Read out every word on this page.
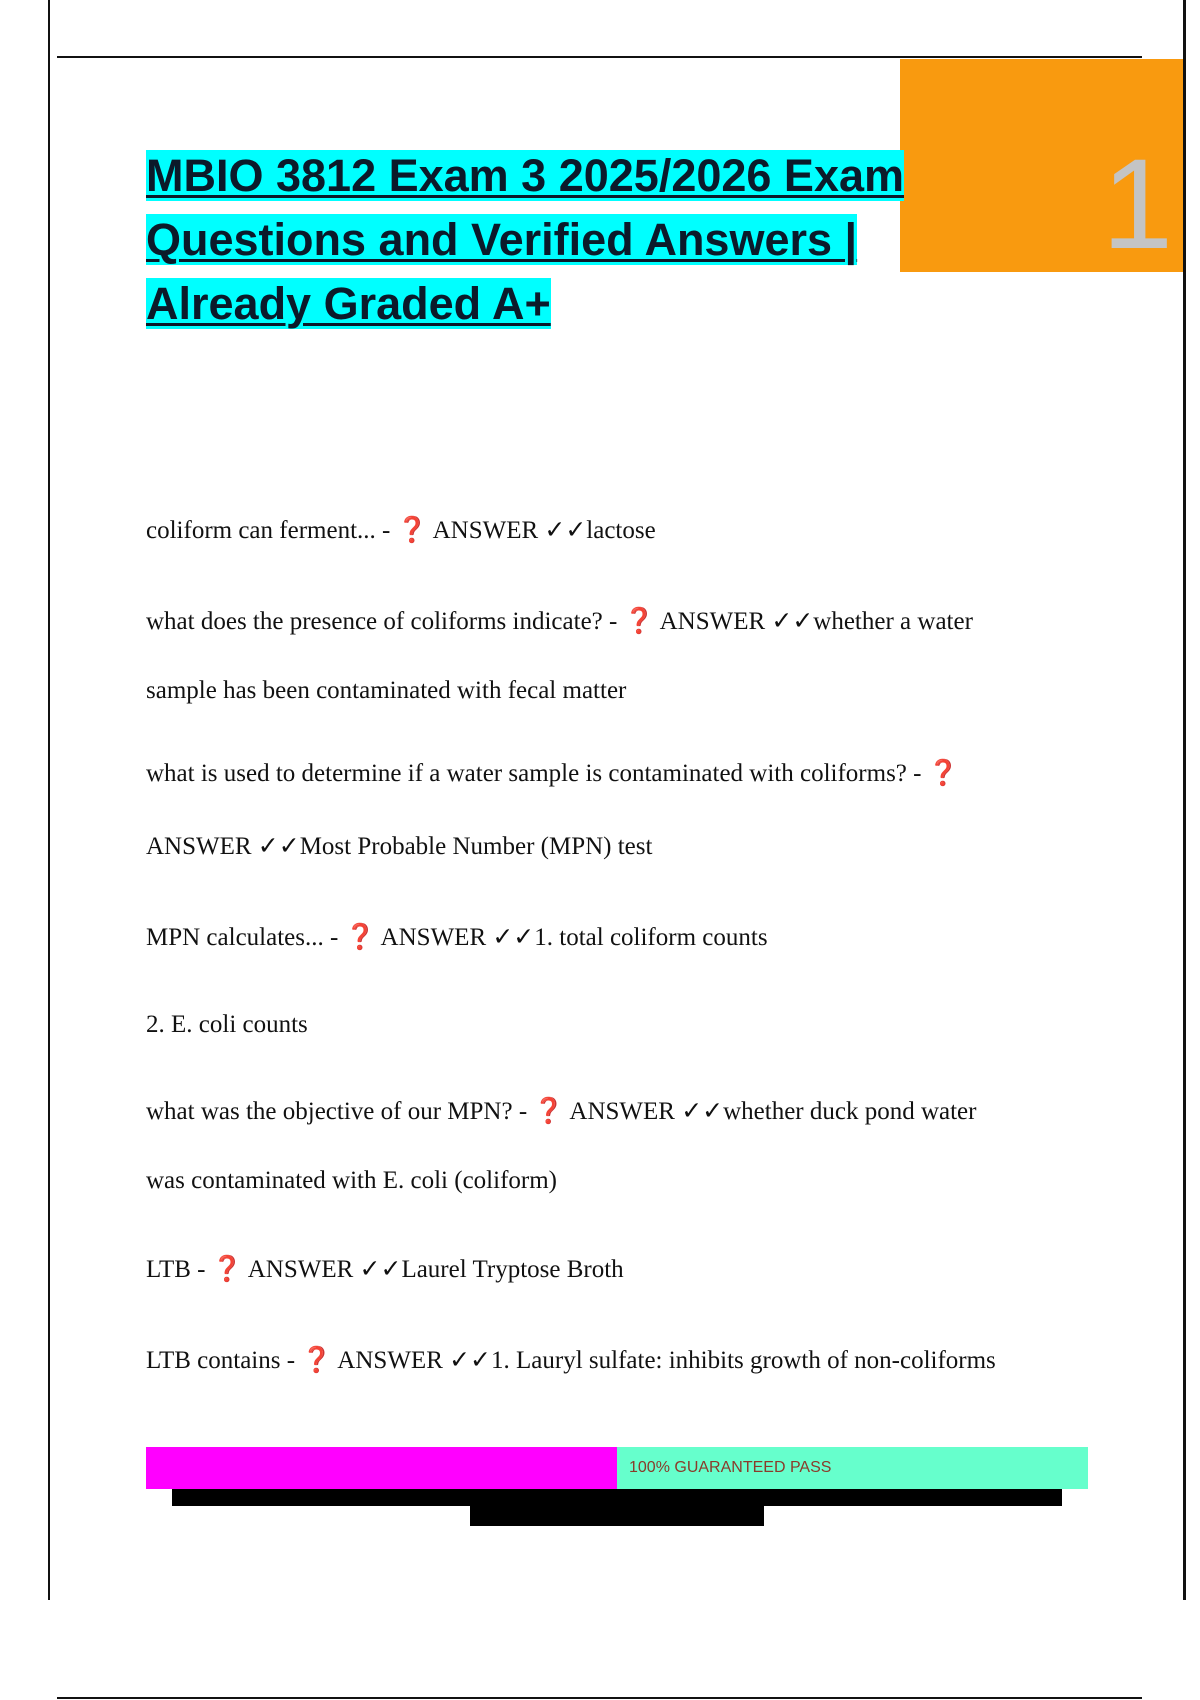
1
MBIO 3812 Exam 3 2025/2026 Exam
Questions and Verified Answers |
Already Graded A+
coliform can ferment... - ❓ ANSWER ✓✓lactose
what does the presence of coliforms indicate? - ❓ ANSWER ✓✓whether a water
sample has been contaminated with fecal matter
what is used to determine if a water sample is contaminated with coliforms? - ❓
ANSWER ✓✓Most Probable Number (MPN) test
MPN calculates... - ❓ ANSWER ✓✓1. total coliform counts
2. E. coli counts
what was the objective of our MPN? - ❓ ANSWER ✓✓whether duck pond water
was contaminated with E. coli (coliform)
LTB - ❓ ANSWER ✓✓Laurel Tryptose Broth
LTB contains - ❓ ANSWER ✓✓1. Lauryl sulfate: inhibits growth of non-coliforms
100% GUARANTEED PASS
